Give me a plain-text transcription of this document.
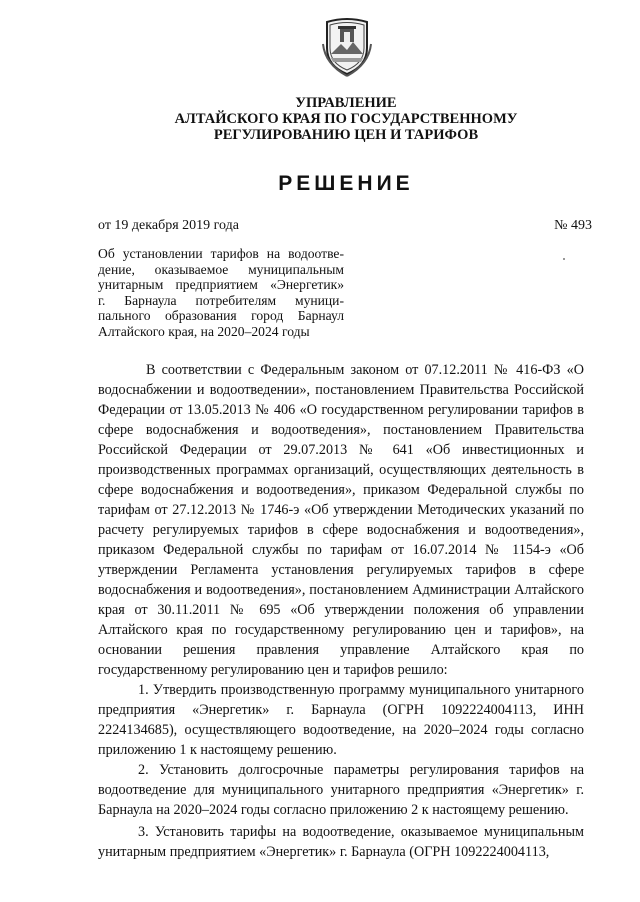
УПРАВЛЕНИЕ
АЛТАЙСКОГО КРАЯ ПО ГОСУДАРСТВЕННОМУ
РЕГУЛИРОВАНИЮ ЦЕН И ТАРИФОВ
РЕШЕНИЕ
от 19 декабря 2019 года	№ 493
Об установлении тарифов на водоотве-
дение, оказываемое муниципальным
унитарным предприятием «Энергетик»
г. Барнаула потребителям муници-
пального образования город Барнаул
Алтайского края, на 2020–2024 годы

В соответствии с Федеральным законом от 07.12.2011 № 416-ФЗ «О водоснабжении и водоотведении», постановлением Правительства Российской Федерации от 13.05.2013 № 406 «О государственном регулировании тарифов в сфере водоснабжения и водоотведения», постановлением Правительства Российской Федерации от 29.07.2013 № 641 «Об инвестиционных и производственных программах организаций, осуществляющих деятельность в сфере водоснабжения и водоотведения», приказом Федеральной службы по тарифам от 27.12.2013 № 1746-э «Об утверждении Методических указаний по расчету регулируемых тарифов в сфере водоснабжения и водоотведения», приказом Федеральной службы по тарифам от 16.07.2014 № 1154-э «Об утверждении Регламента установления регулируемых тарифов в сфере водоснабжения и водоотведения», постановлением Администрации Алтайского края от 30.11.2011 № 695 «Об утверждении положения об управлении Алтайского края по государственному регулированию цен и тарифов», на основании решения правления управление Алтайского края по государственному регулированию цен и тарифов решило:

1. Утвердить производственную программу муниципального унитарного предприятия «Энергетик» г. Барнаула (ОГРН 1092224004113, ИНН 2224134685), осуществляющего водоотведение, на 2020–2024 годы согласно приложению 1 к настоящему решению.

2. Установить долгосрочные параметры регулирования тарифов на водоотведение для муниципального унитарного предприятия «Энергетик» г. Барнаула на 2020–2024 годы согласно приложению 2 к настоящему решению.

3. Установить тарифы на водоотведение, оказываемое муниципальным унитарным предприятием «Энергетик» г. Барнаула (ОГРН 1092224004113,
